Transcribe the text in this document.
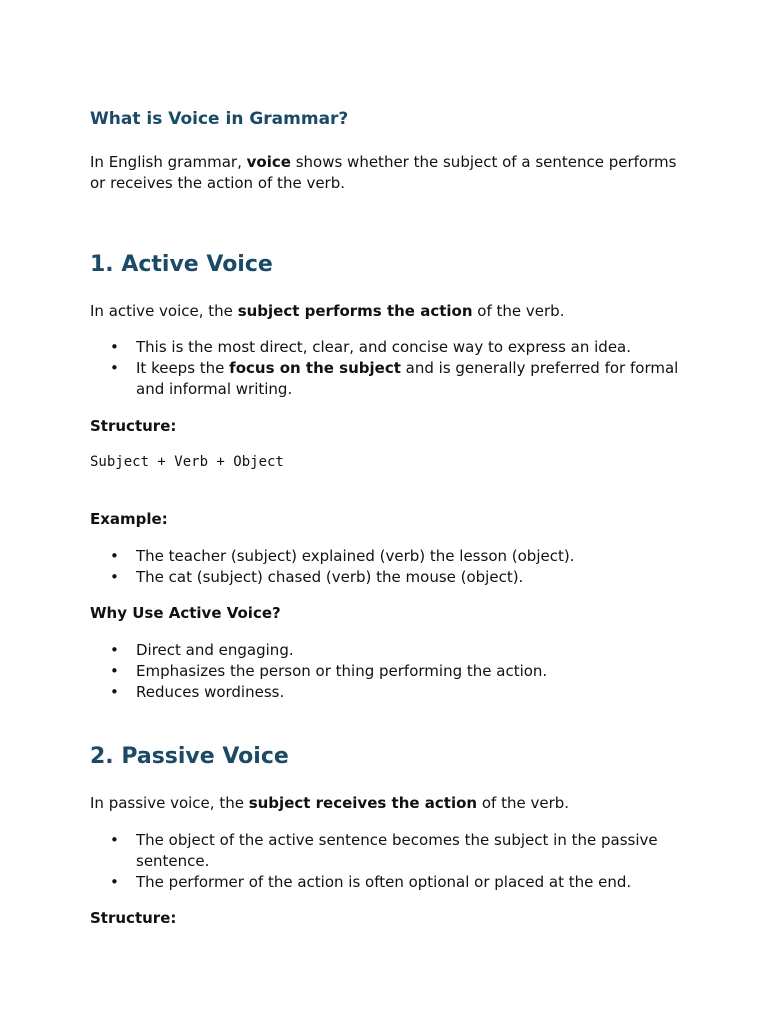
What is Voice in Grammar?

In English grammar, voice shows whether the subject of a sentence performs or receives the action of the verb.

1. Active Voice

In active voice, the subject performs the action of the verb.

• This is the most direct, clear, and concise way to express an idea.
• It keeps the focus on the subject and is generally preferred for formal and informal writing.

Structure:

Subject + Verb + Object

Example:

• The teacher (subject) explained (verb) the lesson (object).
• The cat (subject) chased (verb) the mouse (object).

Why Use Active Voice?

• Direct and engaging.
• Emphasizes the person or thing performing the action.
• Reduces wordiness.
2. Passive Voice

In passive voice, the subject receives the action of the verb.

• The object of the active sentence becomes the subject in the passive sentence.
• The performer of the action is often optional or placed at the end.

Structure:
